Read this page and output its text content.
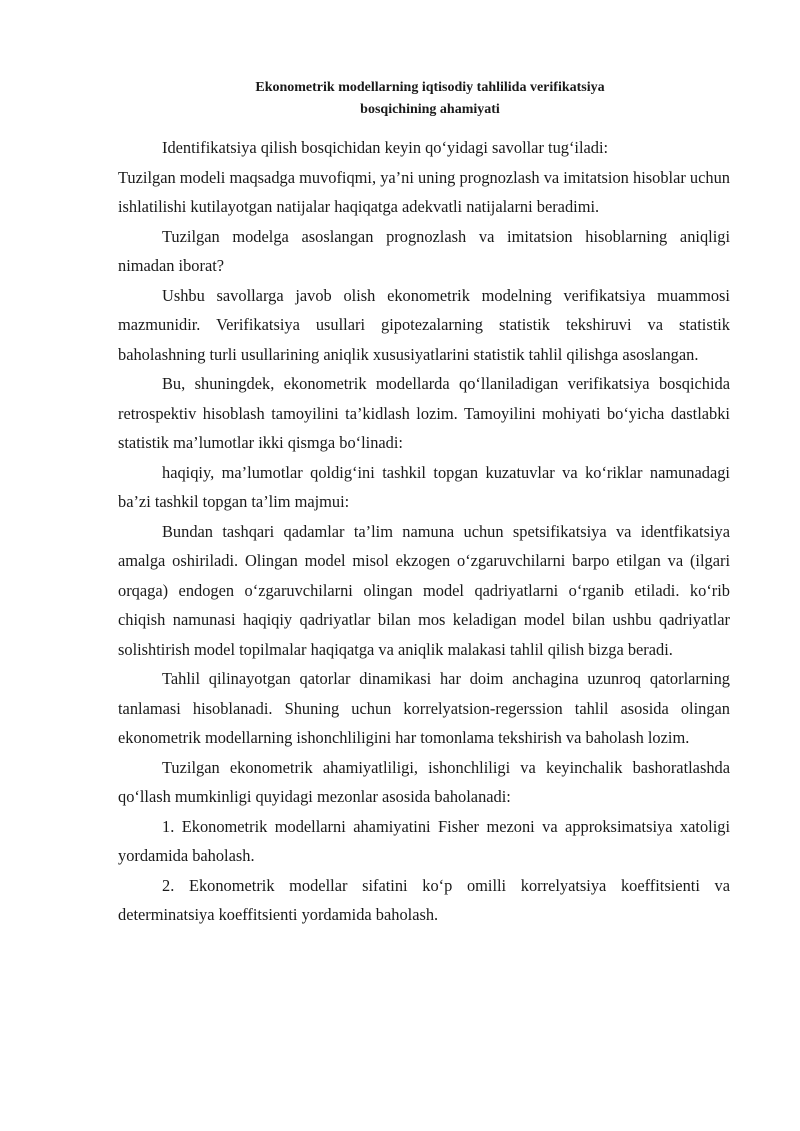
Ekonometrik modellarning iqtisodiy tahlilida verifikatsiya
bosqichining ahamiyati

Identifikatsiya qilish bosqichidan keyin qo‘yidagi savollar tug‘iladi:

Tuzilgan modeli maqsadga muvofiqmi, ya’ni uning prognozlash va imitatsion hisoblar uchun ishlatilishi kutilayotgan natijalar haqiqatga adekvatli natijalarni beradimi.

Tuzilgan modelga asoslangan prognozlash va imitatsion hisoblarning aniqligi nimadan iborat?

Ushbu savollarga javob olish ekonometrik modelning verifikatsiya muammosi mazmunidir. Verifikatsiya usullari gipotezalarning statistik tekshiruvi va statistik baholashning turli usullarining aniqlik xususiyatlarini statistik tahlil qilishga asoslangan.

Bu, shuningdek, ekonometrik modellarda qo‘llaniladigan verifikatsiya bosqichida retrospektiv hisoblash tamoyilini ta’kidlash lozim. Tamoyilini mohiyati bo‘yicha dastlabki statistik ma’lumotlar ikki qismga bo‘linadi:

haqiqiy, ma’lumotlar qoldig‘ini tashkil topgan kuzatuvlar va ko‘riklar namunadagi ba’zi tashkil topgan ta’lim majmui:

Bundan tashqari qadamlar ta’lim namuna uchun spetsifikatsiya va identfikatsiya amalga oshiriladi. Olingan model misol ekzogen o‘zgaruvchilarni barpo etilgan va (ilgari orqaga) endogen o‘zgaruvchilarni olingan model qadriyatlarni o‘rganib etiladi. ko‘rib chiqish namunasi haqiqiy qadriyatlar bilan mos keladigan model bilan ushbu qadriyatlar solishtirish model topilmalar haqiqatga va aniqlik malakasi tahlil qilish bizga beradi.

Tahlil qilinayotgan qatorlar dinamikasi har doim anchagina uzunroq qatorlarning tanlamasi hisoblanadi. Shuning uchun korrelyatsion-regerssion tahlil asosida olingan ekonometrik modellarning ishonchliligini har tomonlama tekshirish va baholash lozim.

Tuzilgan ekonometrik ahamiyatliligi, ishonchliligi va keyinchalik bashoratlashda qo‘llash mumkinligi quyidagi mezonlar asosida baholanadi:

1. Ekonometrik modellarni ahamiyatini Fisher mezoni va approksimatsiya xatoligi yordamida baholash.

2. Ekonometrik modellar sifatini ko‘p omilli korrelyatsiya koeffitsienti va determinatsiya koeffitsienti yordamida baholash.
